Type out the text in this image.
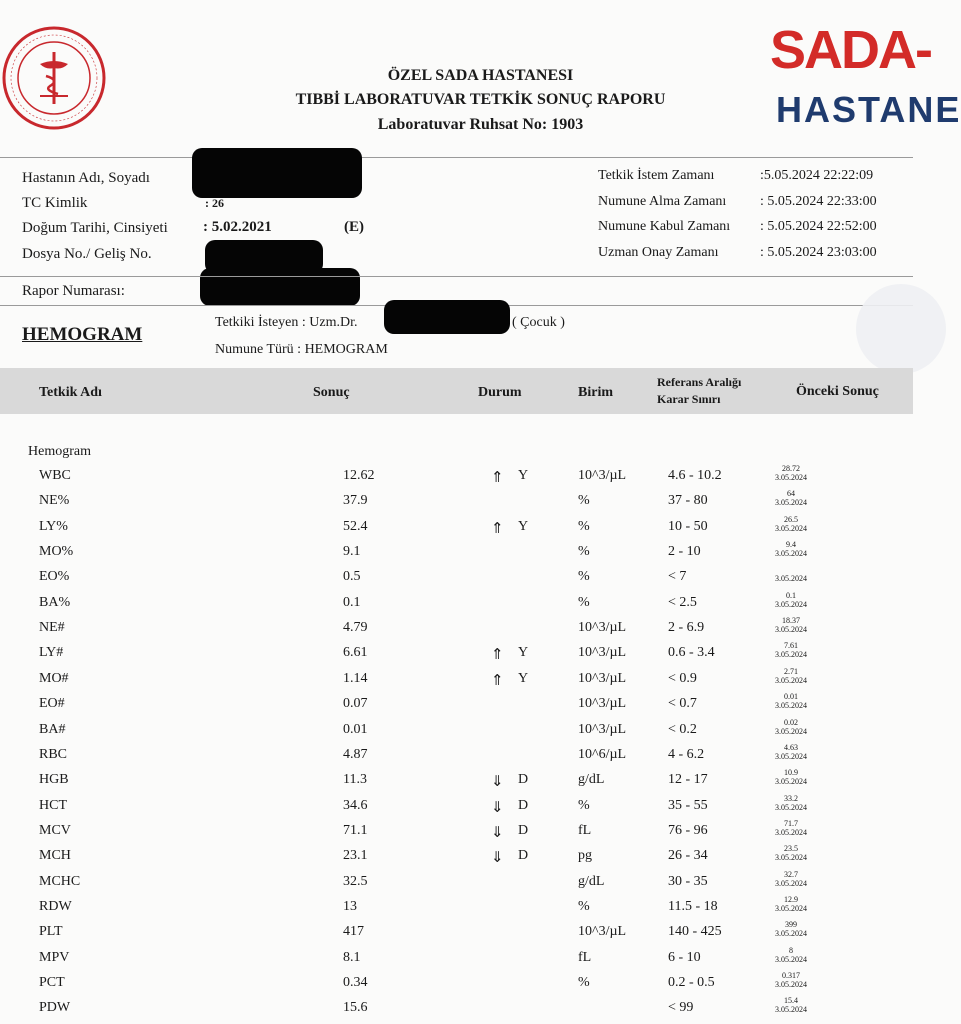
ÖZEL SADA HASTANESI
TIBBİ LABORATUVAR TETKİK SONUÇ RAPORU
Laboratuvar Ruhsat No: 1903
SADA-
HASTANE
Hastanın Adı, Soyadı
TC Kimlik	: 26
Doğum Tarihi, Cinsiyeti : 5.02.2021	(E)
Dosya No./ Geliş No.
Rapor Numarası:
Tetkik İstem Zamanı	:5.05.2024 22:22:09
Numune Alma Zamanı : 5.05.2024 22:33:00
Numune Kabul Zamanı : 5.05.2024 22:52:00
Uzman Onay Zamanı	: 5.05.2024 23:03:00
HEMOGRAM
Tetkiki İsteyen : Uzm.Dr.	( Çocuk )
Numune Türü : HEMOGRAM
Tetkik Adı	Sonuç	Durum	Birim
Referans Aralığı
Karar Sınırı	Önceki Sonuç
Hemogram
WBC	12.62	⇑ Y	10^3/µL	4.6 - 10.2	28.72
3.05.2024
NE%	37.9	%	37 - 80	64
3.05.2024
LY%	52.4	⇑ Y	%	10 - 50	26.5
3.05.2024
MO%	9.1	%	2 - 10	9.4
3.05.2024
EO%	0.5	%	< 7
	3.05.2024
BA%	0.1	%	< 2.5	0.1
3.05.2024
NE#	4.79	10^3/µL	2 - 6.9	18.37
3.05.2024
LY#	6.61	⇑ Y	10^3/µL	0.6 - 3.4	7.61
3.05.2024
MO#	1.14	⇑ Y	10^3/µL	< 0.9	2.71
3.05.2024
EO#	0.07	10^3/µL	< 0.7	0.01
3.05.2024
BA#	0.01	10^3/µL	< 0.2	0.02
3.05.2024
RBC	4.87	10^6/µL	4 - 6.2	4.63
3.05.2024
HGB	11.3	⇓ D	g/dL	12 - 17	10.9
3.05.2024
HCT	34.6	⇓ D	%	35 - 55	33.2
3.05.2024
MCV	71.1	⇓ D	fL	76 - 96	71.7
3.05.2024
MCH	23.1	⇓ D	pg	26 - 34	23.5
3.05.2024
MCHC	32.5	g/dL	30 - 35	32.7
3.05.2024
RDW	13	%	11.5 - 18	12.9
3.05.2024
PLT	417	10^3/µL	140 - 425	399
3.05.2024
MPV	8.1	fL	6 - 10	8
3.05.2024
PCT	0.34	%	0.2 - 0.5	0.317
3.05.2024
PDW	15.6	< 99	15.4
3.05.2024
